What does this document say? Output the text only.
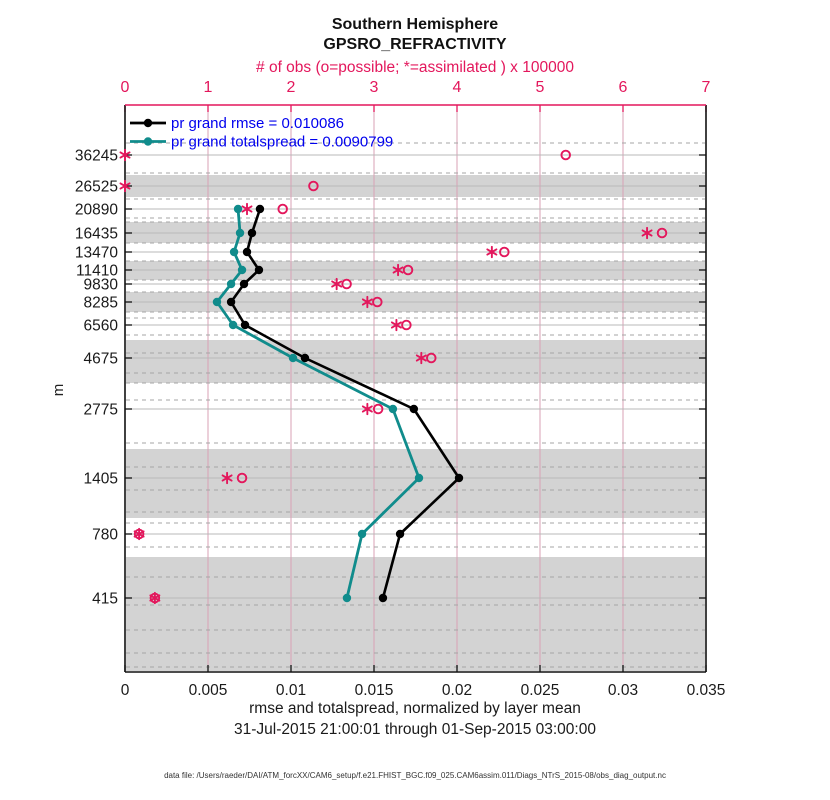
0	0.005	0.01	0.015	0.02	0.025	0.03	0.035
0	1	2	3	4	5	6	7
36245
26525
20890
16435
13470
11410
9830
8285
6560
4675
2775
1405
780
415
pr grand rmse = 0.010086
pr grand totalspread = 0.0090799
Southern Hemisphere
GPSRO_REFRACTIVITY
# of obs (o=possible; *=assimilated ) x 100000
m
rmse and totalspread, normalized by layer mean
31-Jul-2015 21:00:01 through 01-Sep-2015 03:00:00
data file: /Users/raeder/DAI/ATM_forcXX/CAM6_setup/f.e21.FHIST_BGC.f09_025.CAM6assim.011/Diags_NTrS_2015-08/obs_diag_output.nc
